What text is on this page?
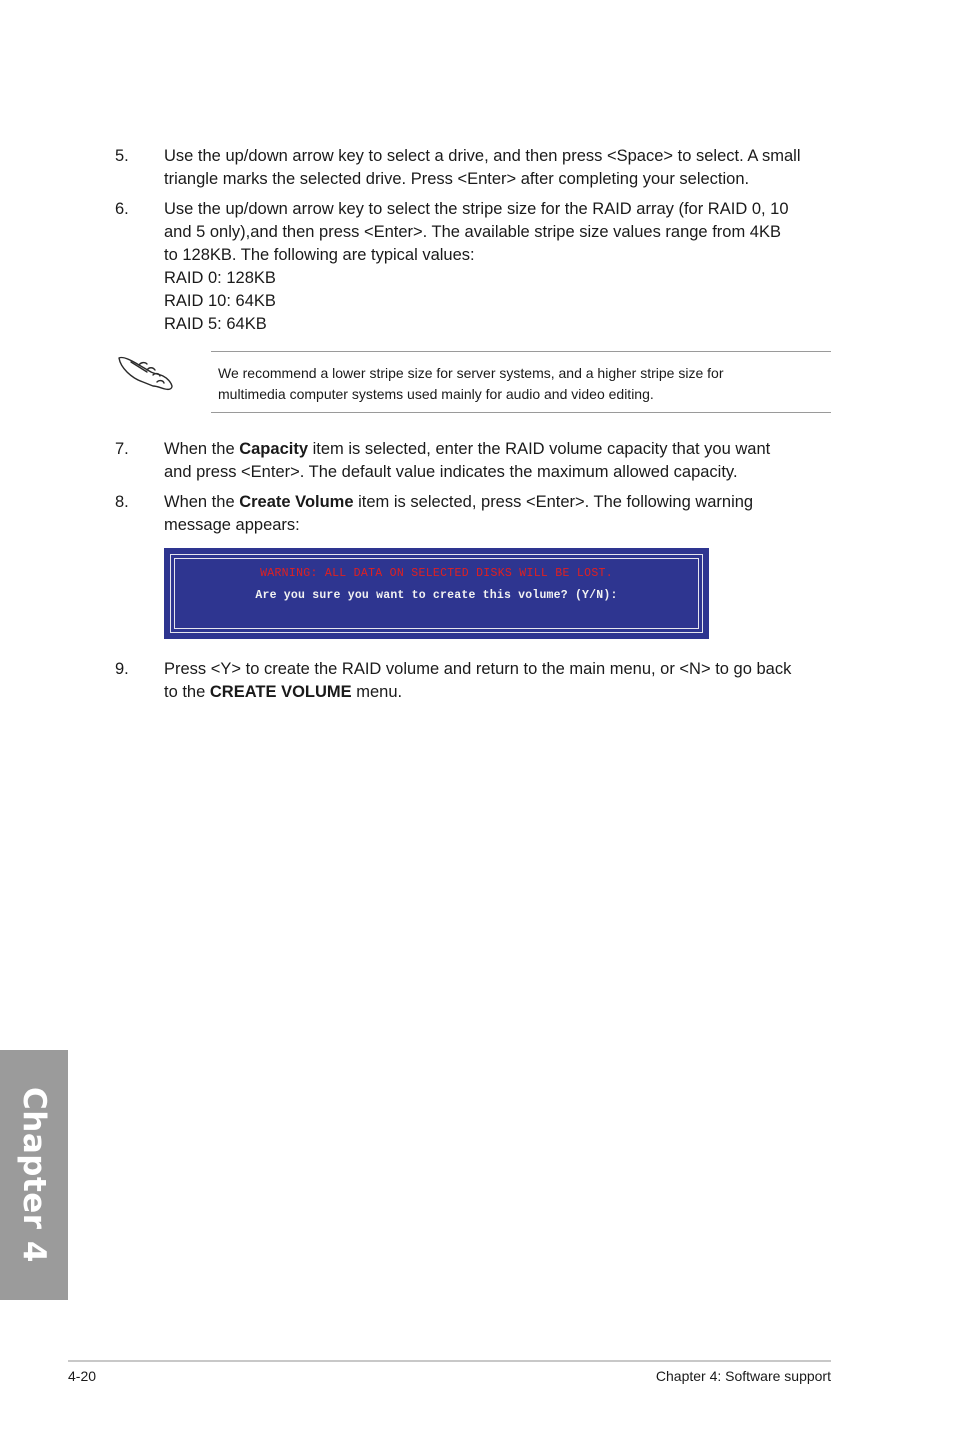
5.	Use the up/down arrow key to select a drive, and then press <Space> to select. A small
triangle marks the selected drive. Press <Enter> after completing your selection.
6.	Use the up/down arrow key to select the stripe size for the RAID array (for RAID 0, 10
and 5 only),and then press <Enter>. The available stripe size values range from 4KB
to 128KB. The following are typical values:
RAID 0: 128KB
RAID 10: 64KB
RAID 5: 64KB
We recommend a lower stripe size for server systems, and a higher stripe size for
multimedia computer systems used mainly for audio and video editing.
7.	When the Capacity item is selected, enter the RAID volume capacity that you want
and press <Enter>. The default value indicates the maximum allowed capacity.
8.	When the Create Volume item is selected, press <Enter>. The following warning
message appears:
WARNING: ALL DATA ON SELECTED DISKS WILL BE LOST.
Are you sure you want to create this volume? (Y/N):
9.	Press <Y> to create the RAID volume and return to the main menu, or <N> to go back
to the CREATE VOLUME menu.
Chapter 4
4-20	Chapter 4: Software support
